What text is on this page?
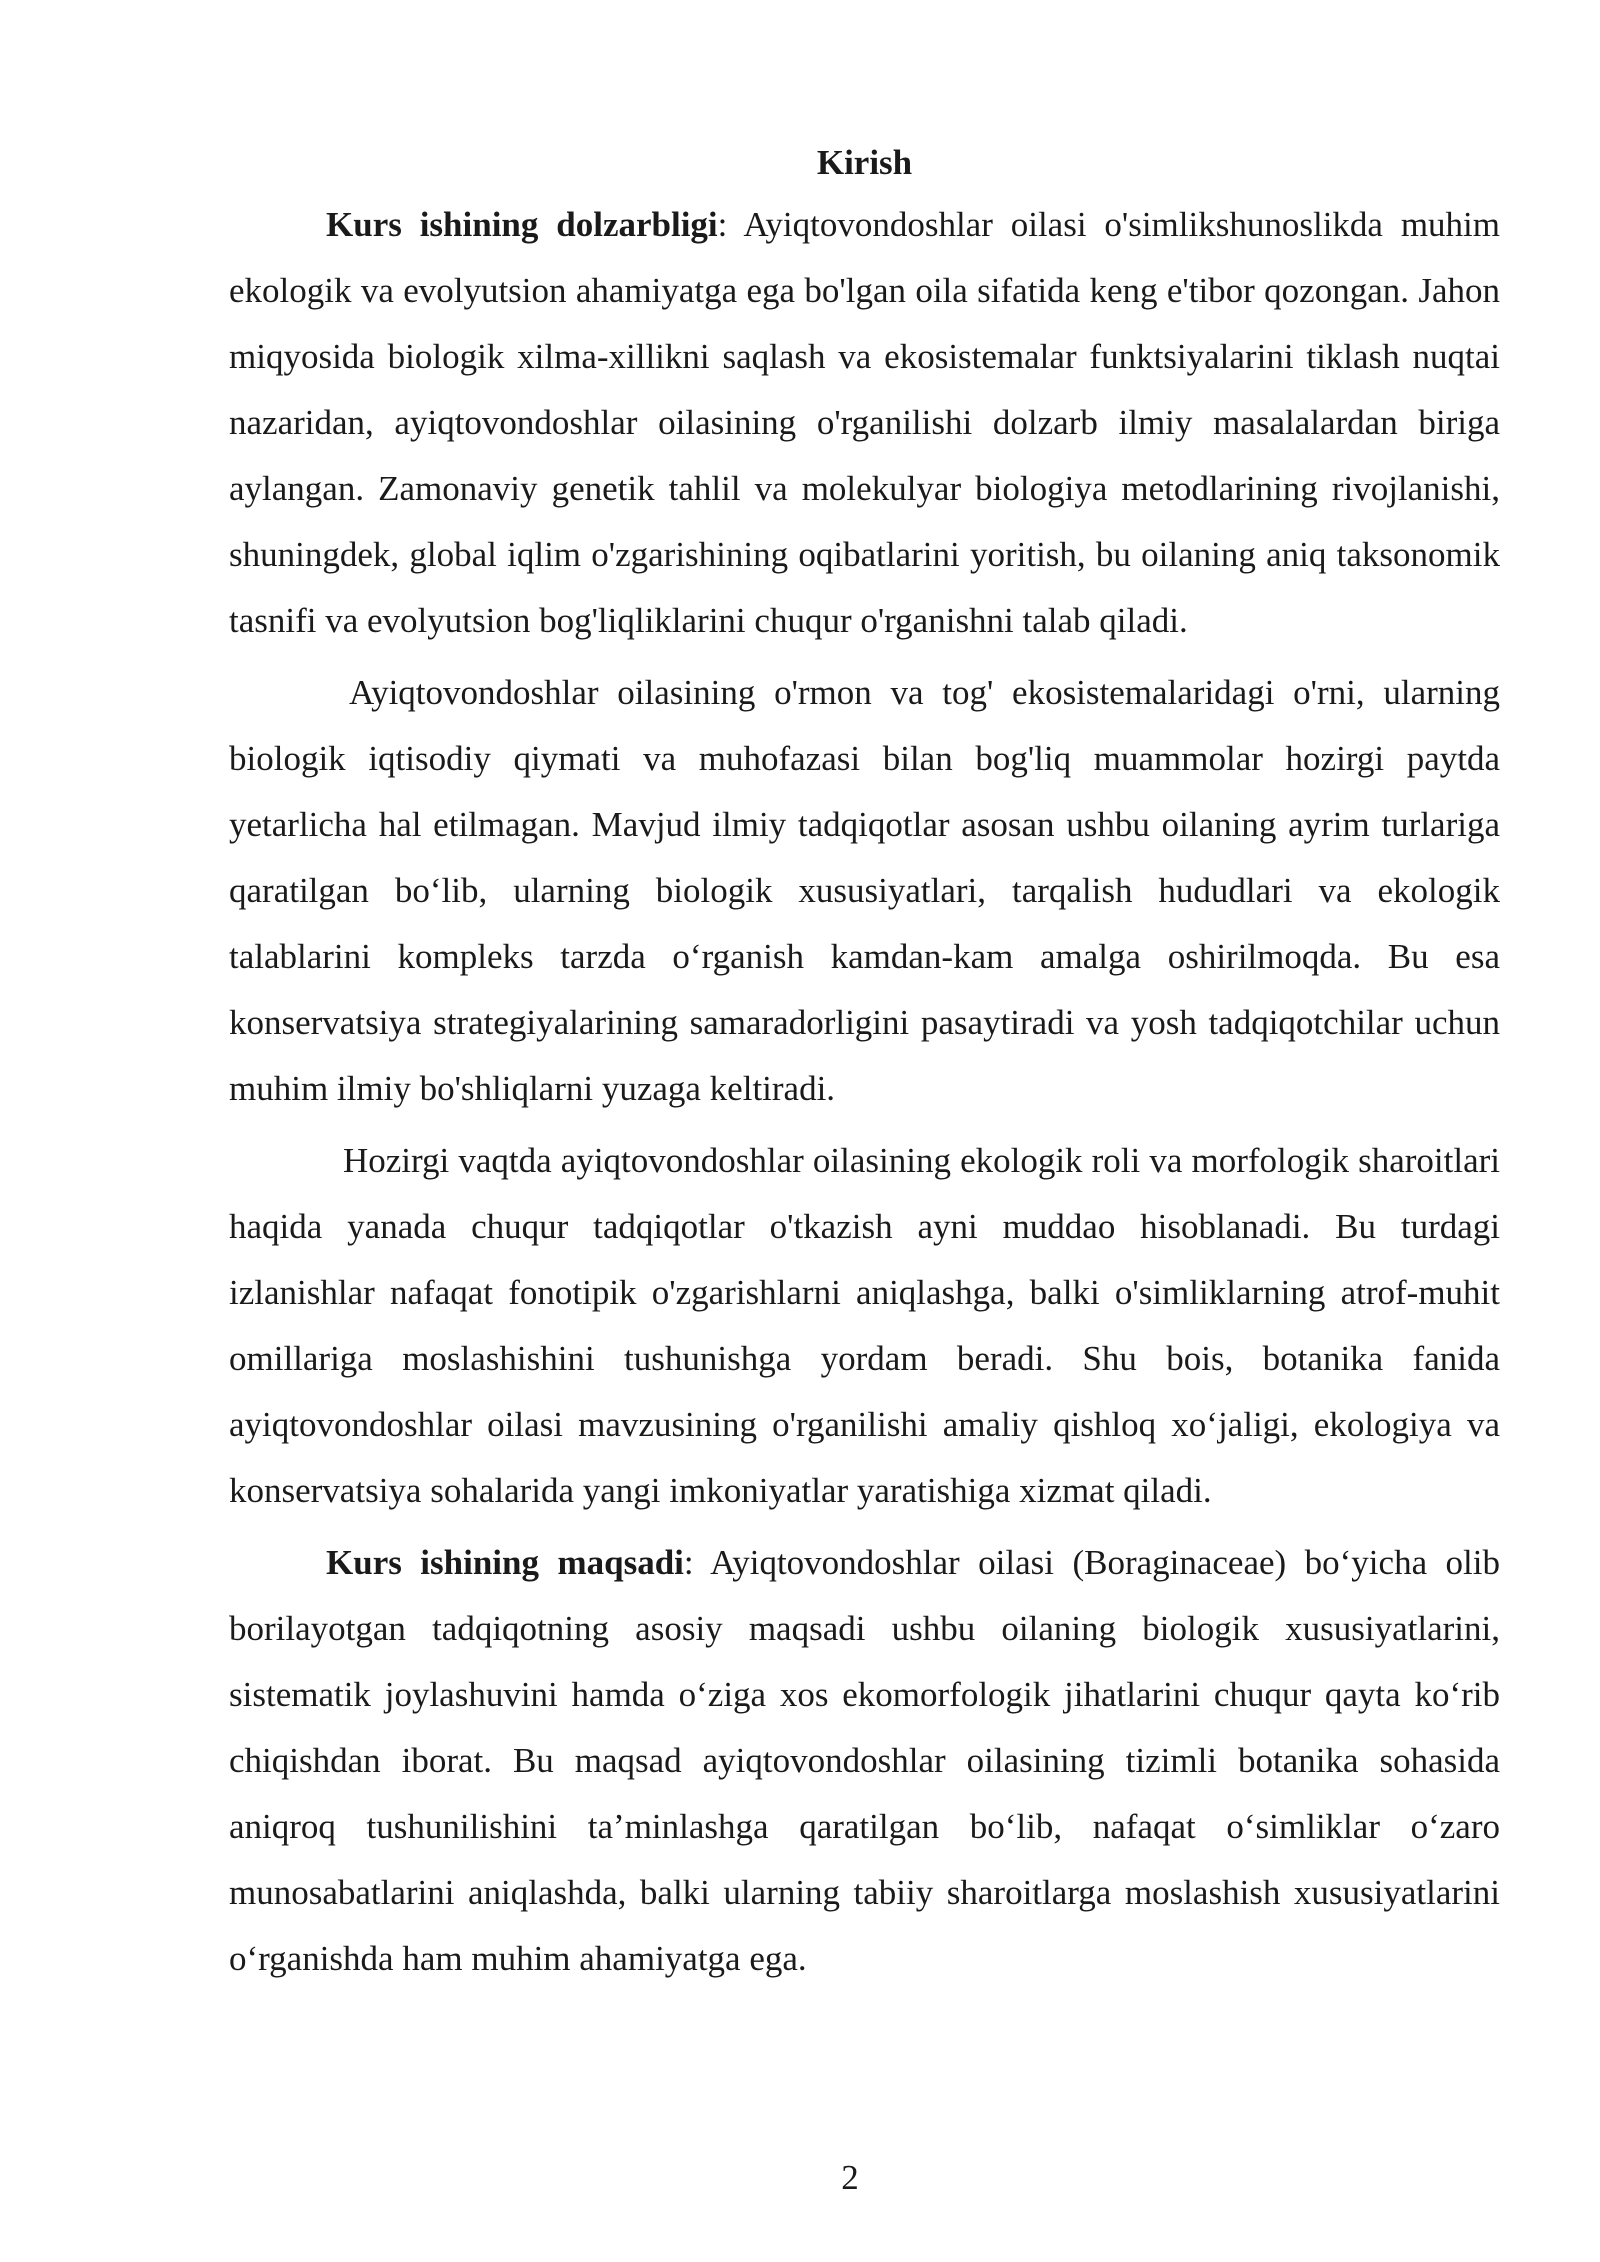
Kirish

Kurs ishining dolzarbligi: Ayiqtovondoshlar oilasi o'simlikshunoslikda muhim ekologik va evolyutsion ahamiyatga ega bo'lgan oila sifatida keng e'tibor qozongan. Jahon miqyosida biologik xilma-xillikni saqlash va ekosistemalar funktsiyalarini tiklash nuqtai nazaridan, ayiqtovondoshlar oilasining o'rganilishi dolzarb ilmiy masalalardan biriga aylangan. Zamonaviy genetik tahlil va molekulyar biologiya metodlarining rivojlanishi, shuningdek, global iqlim o'zgarishining oqibatlarini yoritish, bu oilaning aniq taksonomik tasnifi va evolyutsion bog'liqliklarini chuqur o'rganishni talab qiladi.

Ayiqtovondoshlar oilasining o'rmon va tog' ekosistemalaridagi o'rni, ularning biologik iqtisodiy qiymati va muhofazasi bilan bog'liq muammolar hozirgi paytda yetarlicha hal etilmagan. Mavjud ilmiy tadqiqotlar asosan ushbu oilaning ayrim turlariga qaratilgan bo‘lib, ularning biologik xususiyatlari, tarqalish hududlari va ekologik talablarini kompleks tarzda o‘rganish kamdan-kam amalga oshirilmoqda. Bu esa konservatsiya strategiyalarining samaradorligini pasaytiradi va yosh tadqiqotchilar uchun muhim ilmiy bo'shliqlarni yuzaga keltiradi.

Hozirgi vaqtda ayiqtovondoshlar oilasining ekologik roli va morfologik sharoitlari haqida yanada chuqur tadqiqotlar o'tkazish ayni muddao hisoblanadi. Bu turdagi izlanishlar nafaqat fonotipik o'zgarishlarni aniqlashga, balki o'simliklarning atrof-muhit omillariga moslashishini tushunishga yordam beradi. Shu bois, botanika fanida ayiqtovondoshlar oilasi mavzusining o'rganilishi amaliy qishloq xo‘jaligi, ekologiya va konservatsiya sohalarida yangi imkoniyatlar yaratishiga xizmat qiladi.

Kurs ishining maqsadi: Ayiqtovondoshlar oilasi (Boraginaceae) bo‘yicha olib borilayotgan tadqiqotning asosiy maqsadi ushbu oilaning biologik xususiyatlarini, sistematik joylashuvini hamda o‘ziga xos ekomorfologik jihatlarini chuqur qayta ko‘rib chiqishdan iborat. Bu maqsad ayiqtovondoshlar oilasining tizimli botanika sohasida aniqroq tushunilishini ta’minlashga qaratilgan bo‘lib, nafaqat o‘simliklar o‘zaro munosabatlarini aniqlashda, balki ularning tabiiy sharoitlarga moslashish xususiyatlarini o‘rganishda ham muhim ahamiyatga ega.

2
